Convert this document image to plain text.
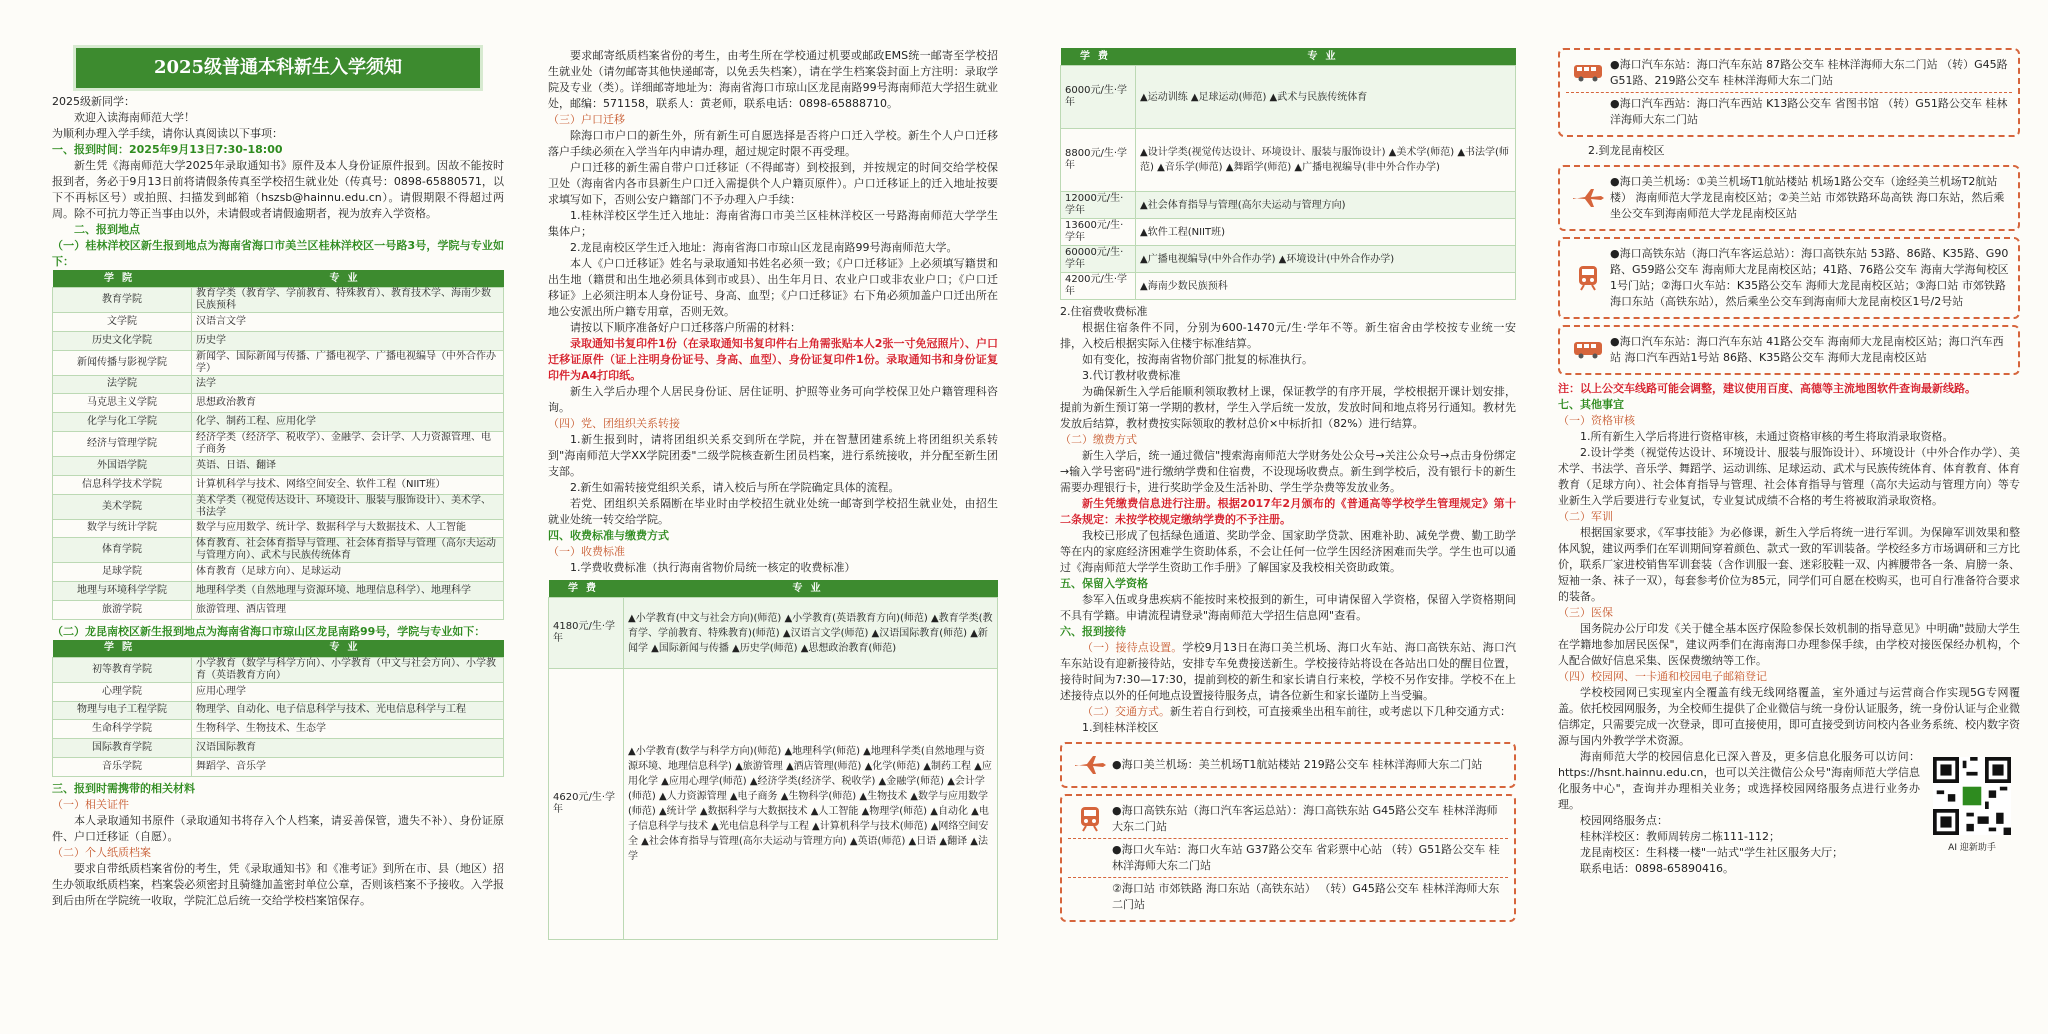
2025级普通本科新生入学须知

2025级新同学：

欢迎入读海南师范大学！

为顺利办理入学手续，请你认真阅读以下事项：

一、报到时间：2025年9月13日7:30-18:00

新生凭《海南师范大学2025年录取通知书》原件及本人身份证原件报到。因故不能按时报到者，务必于9月13日前将请假条传真至学校招生就业处（传真号：0898-65880571，以下不再标区号）或拍照、扫描发到邮箱（hszsb@hainnu.edu.cn）。请假期限不得超过两周。除不可抗力等正当事由以外，未请假或者请假逾期者，视为放弃入学资格。

二、报到地点

（一）桂林洋校区新生报到地点为海南省海口市美兰区桂林洋校区一号路3号，学院与专业如下：

学院	专业
教育学院	教育学类（教育学、学前教育、特殊教育）、教育技术学、海南少数民族预科
文学院	汉语言文学
历史文化学院	历史学
新闻传播与影视学院	新闻学、国际新闻与传播、广播电视学、广播电视编导（中外合作办学）
法学院	法学
马克思主义学院	思想政治教育
化学与化工学院	化学、制药工程、应用化学
经济与管理学院	经济学类（经济学、税收学）、金融学、会计学、人力资源管理、电子商务
外国语学院	英语、日语、翻译
信息科学技术学院	计算机科学与技术、网络空间安全、软件工程（NIIT班）
美术学院	美术学类（视觉传达设计、环境设计、服装与服饰设计）、美术学、书法学
数学与统计学院	数学与应用数学、统计学、数据科学与大数据技术、人工智能
体育学院	体育教育、社会体育指导与管理、社会体育指导与管理（高尔夫运动与管理方向）、武术与民族传统体育
足球学院	体育教育（足球方向）、足球运动
地理与环境科学学院	地理科学类（自然地理与资源环境、地理信息科学）、地理科学
旅游学院	旅游管理、酒店管理

（二）龙昆南校区新生报到地点为海南省海口市琼山区龙昆南路99号，学院与专业如下：

学院	专业
初等教育学院	小学教育（数学与科学方向）、小学教育（中文与社会方向）、小学教育（英语教育方向）
心理学院	应用心理学
物理与电子工程学院	物理学、自动化、电子信息科学与技术、光电信息科学与工程
生命科学学院	生物科学、生物技术、生态学
国际教育学院	汉语国际教育
音乐学院	舞蹈学、音乐学

三、报到时需携带的相关材料

（一）相关证件

本人录取通知书原件（录取通知书将存入个人档案，请妥善保管，遗失不补）、身份证原件、户口迁移证（自愿）。

（二）个人纸质档案

要求自带纸质档案省份的考生，凭《录取通知书》和《准考证》到所在市、县（地区）招生办领取纸质档案，档案袋必须密封且骑缝加盖密封单位公章，否则该档案不予接收。入学报到后由所在学院统一收取，学院汇总后统一交给学校档案馆保存。

要求邮寄纸质档案省份的考生，由考生所在学校通过机要或邮政EMS统一邮寄至学校招生就业处（请勿邮寄其他快递邮寄，以免丢失档案），请在学生档案袋封面上方注明：录取学院及专业（类）。详细邮寄地址为：海南省海口市琼山区龙昆南路99号海南师范大学招生就业处，邮编：571158，联系人：黄老师，联系电话：0898-65888710。

（三）户口迁移

除海口市户口的新生外，所有新生可自愿选择是否将户口迁入学校。新生个人户口迁移落户手续必须在入学当年内申请办理，超过规定时限不再受理。

户口迁移的新生需自带户口迁移证（不得邮寄）到校报到，并按规定的时间交给学校保卫处（海南省内各市县新生户口迁入需提供个人户籍页原件）。户口迁移证上的迁入地址按要求填写如下，否则公安户籍部门不予办理入户手续：

1.桂林洋校区学生迁入地址：海南省海口市美兰区桂林洋校区一号路海南师范大学学生集体户；

2.龙昆南校区学生迁入地址：海南省海口市琼山区龙昆南路99号海南师范大学。

本人《户口迁移证》姓名与录取通知书姓名必须一致；《户口迁移证》上必须填写籍贯和出生地（籍贯和出生地必须具体到市或县）、出生年月日、农业户口或非农业户口；《户口迁移证》上必须注明本人身份证号、身高、血型；《户口迁移证》右下角必须加盖户口迁出所在地公安派出所户籍专用章，否则无效。

请按以下顺序准备好户口迁移落户所需的材料：

录取通知书复印件1份（在录取通知书复印件右上角需张贴本人2张一寸免冠照片）、户口迁移证原件（证上注明身份证号、身高、血型）、身份证复印件1份。录取通知书和身份证复印件为A4打印纸。

新生入学后办理个人居民身份证、居住证明、护照等业务可向学校保卫处户籍管理科咨询。

（四）党、团组织关系转接

1.新生报到时，请将团组织关系交到所在学院，并在智慧团建系统上将团组织关系转到"海南师范大学XX学院团委"二级学院核查新生团员档案，进行系统接收，并分配至新生团支部。

2.新生如需转接党组织关系，请入校后与所在学院确定具体的流程。

若党、团组织关系隔断在毕业时由学校招生就业处统一邮寄到学校招生就业处，由招生就业处统一转交给学院。

四、收费标准与缴费方式

（一）收费标准

1.学费收费标准（执行海南省物价局统一核定的收费标准）

学费	专业
4180元/生·学年	▲小学教育(中文与社会方向)(师范) ▲小学教育(英语教育方向)(师范) ▲教育学类(教育学、学前教育、特殊教育)(师范) ▲汉语言文学(师范) ▲汉语国际教育(师范) ▲新闻学 ▲国际新闻与传播 ▲历史学(师范) ▲思想政治教育(师范)
4620元/生·学年	▲小学教育(数学与科学方向)(师范) ▲地理科学(师范) ▲地理科学类(自然地理与资源环境、地理信息科学) ▲旅游管理 ▲酒店管理(师范) ▲化学(师范) ▲制药工程 ▲应用化学 ▲应用心理学(师范) ▲经济学类(经济学、税收学) ▲金融学(师范) ▲会计学(师范) ▲人力资源管理 ▲电子商务 ▲生物科学(师范) ▲生物技术 ▲数学与应用数学(师范) ▲统计学 ▲数据科学与大数据技术 ▲人工智能 ▲物理学(师范) ▲自动化 ▲电子信息科学与技术 ▲光电信息科学与工程 ▲计算机科学与技术(师范) ▲网络空间安全 ▲社会体育指导与管理(高尔夫运动与管理方向) ▲英语(师范) ▲日语 ▲翻译 ▲法学
学费	专业
6000元/生·学年	▲运动训练 ▲足球运动(师范) ▲武术与民族传统体育
8800元/生·学年	▲设计学类(视觉传达设计、环境设计、服装与服饰设计) ▲美术学(师范) ▲书法学(师范) ▲音乐学(师范) ▲舞蹈学(师范) ▲广播电视编导(非中外合作办学)
12000元/生·学年	▲社会体育指导与管理(高尔夫运动与管理方向)
13600元/生·学年	▲软件工程(NIIT班)
60000元/生·学年	▲广播电视编导(中外合作办学) ▲环境设计(中外合作办学)
4200元/生·学年	▲海南少数民族预科

2.住宿费收费标准

根据住宿条件不同，分别为600-1470元/生·学年不等。新生宿舍由学校按专业统一安排，入校后根据实际入住楼宇标准结算。

如有变化，按海南省物价部门批复的标准执行。

3.代订教材收费标准

为确保新生入学后能顺利领取教材上课，保证教学的有序开展，学校根据开课计划安排，提前为新生预订第一学期的教材，学生入学后统一发放，发放时间和地点将另行通知。教材先发放后结算，教材费按实际领取的教材总价×中标折扣（82%）进行结算。

（二）缴费方式

新生入学后，统一通过微信"搜索海南师范大学财务处公众号→关注公众号→点击身份绑定→输入学号密码"进行缴纳学费和住宿费，不设现场收费点。新生到学校后，没有银行卡的新生需要办理银行卡，进行奖助学金及生活补助、学生学杂费等发放业务。

新生凭缴费信息进行注册。根据2017年2月颁布的《普通高等学校学生管理规定》第十二条规定：未按学校规定缴纳学费的不予注册。

我校已形成了包括绿色通道、奖助学金、国家助学贷款、困难补助、减免学费、勤工助学等在内的家庭经济困难学生资助体系，不会让任何一位学生因经济困难而失学。学生也可以通过《海南师范大学学生资助工作手册》了解国家及我校相关资助政策。

五、保留入学资格

参军入伍或身患疾病不能按时来校报到的新生，可申请保留入学资格，保留入学资格期间不具有学籍。申请流程请登录"海南师范大学招生信息网"查看。

六、报到接待

（一）接待点设置。学校9月13日在海口美兰机场、海口火车站、海口高铁东站、海口汽车东站设有迎新接待站，安排专车免费接送新生。学校接待站将设在各站出口处的醒目位置，接待时间为7:30—17:30，提前到校的新生和家长请自行来校，学校不另作安排。学校不在上述接待点以外的任何地点设置接待服务点，请各位新生和家长谨防上当受骗。

（二）交通方式。新生若自行到校，可直接乘坐出租车前往，或考虑以下几种交通方式：

1.到桂林洋校区

●海口美兰机场：美兰机场T1航站楼站 219路公交车 桂林洋海师大东二门站
●海口高铁东站（海口汽车客运总站）：海口高铁东站 G45路公交车 桂林洋海师大东二门站
●海口火车站：海口火车站 G37路公交车 省彩票中心站 （转）G51路公交车 桂林洋海师大东二门站
②海口站 市郊铁路 海口东站（高铁东站） （转）G45路公交车 桂林洋海师大东二门站
●海口汽车东站：海口汽车东站 87路公交车 桂林洋海师大东二门站 （转）G45路 G51路、219路公交车 桂林洋海师大东二门站
●海口汽车西站：海口汽车西站 K13路公交车 省图书馆 （转）G51路公交车 桂林洋海师大东二门站

2.到龙昆南校区

●海口美兰机场：①美兰机场T1航站楼站 机场1路公交车（途经美兰机场T2航站楼） 海南师范大学龙昆南校区站；②美兰站 市郊铁路环岛高铁 海口东站，然后乘坐公交车到海南师范大学龙昆南校区站
●海口高铁东站（海口汽车客运总站）：海口高铁东站 53路、86路、K35路、G90路、G59路公交车 海南师大龙昆南校区站；41路、76路公交车 海南大学海甸校区1号门站；②海口火车站：K35路公交车 海师大龙昆南校区站；③海口站 市郊铁路 海口东站（高铁东站），然后乘坐公交车到海南师大龙昆南校区1号/2号站
●海口汽车东站：海口汽车东站 41路公交车 海南师大龙昆南校区站；海口汽车西站 海口汽车西站1号站 86路、K35路公交车 海师大龙昆南校区站

注：以上公交车线路可能会调整，建议使用百度、高德等主流地图软件查询最新线路。

七、其他事宜

（一）资格审核

1.所有新生入学后将进行资格审核，未通过资格审核的考生将取消录取资格。

2.设计学类（视觉传达设计、环境设计、服装与服饰设计）、环境设计（中外合作办学）、美术学、书法学、音乐学、舞蹈学、运动训练、足球运动、武术与民族传统体育、体育教育、体育教育（足球方向）、社会体育指导与管理、社会体育指导与管理（高尔夫运动与管理方向）等专业新生入学后要进行专业复试，专业复试成绩不合格的考生将被取消录取资格。

（二）军训

根据国家要求，《军事技能》为必修课，新生入学后将统一进行军训。为保障军训效果和整体风貌，建议两季们在军训期间穿着颜色、款式一致的军训装备。学校经多方市场调研和三方比价，联系厂家进校销售军训套装（含作训服一套、迷彩胶鞋一双、内裤腰带各一条、肩膀一条、短袖一条、袜子一双），每套参考价位为85元，同学们可自愿在校购买，也可自行准备符合要求的装备。

（三）医保

国务院办公厅印发《关于健全基本医疗保险参保长效机制的指导意见》中明确"鼓励大学生在学籍地参加居民医保"，建议两季们在海南海口办理参保手续，由学校对接医保经办机构，个人配合做好信息采集、医保费缴纳等工作。

（四）校园网、一卡通和校园电子邮箱登记

学校校园网已实现室内全覆盖有线无线网络覆盖，室外通过与运营商合作实现5G专网覆盖。依托校园网服务，为全校师生提供了企业微信与统一身份认证服务，统一身份认证与企业微信绑定，只需要完成一次登录，即可直接使用，即可直接受到访问校内各业务系统、校内数字资源与国内外教学学术资源。

海南师范大学的校园信息化已深入普及，更多信息化服务可以访问：https://hsnt.hainnu.edu.cn，也可以关注微信公众号"海南师范大学信息化服务中心"，查询并办理相关业务；或选择校园网络服务点进行业务办理。

校园网络服务点：

桂林洋校区：教师周转房二栋111-112；

龙昆南校区：生科楼一楼"一站式"学生社区服务大厅；

联系电话：0898-65890416。

AI 迎新助手
